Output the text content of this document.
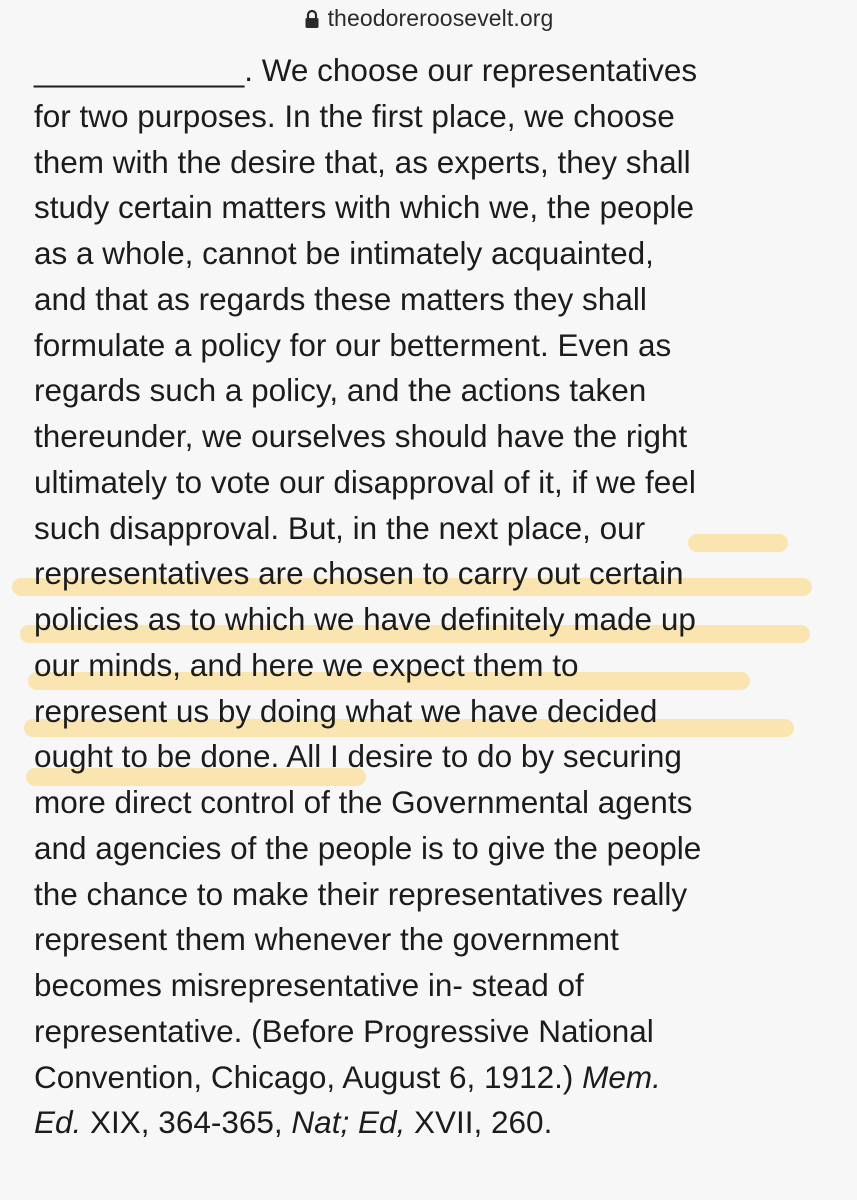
theodoreroosevelt.org
____________. We choose our representatives
for two purposes. In the first place, we choose
them with the desire that, as experts, they shall
study certain matters with which we, the people
as a whole, cannot be intimately acquainted,
and that as regards these matters they shall
formulate a policy for our betterment. Even as
regards such a policy, and the actions taken
thereunder, we ourselves should have the right
ultimately to vote our disapproval of it, if we feel
such disapproval. But, in the next place, our
representatives are chosen to carry out certain
policies as to which we have definitely made up
our minds, and here we expect them to
represent us by doing what we have decided
ought to be done. All I desire to do by securing
more direct control of the Governmental agents
and agencies of the people is to give the people
the chance to make their representatives really
represent them whenever the government
becomes misrepresentative in- stead of
representative. (Before Progressive National
Convention, Chicago, August 6, 1912.) Mem.
Ed. XIX, 364-365, Nat; Ed, XVII, 260.
